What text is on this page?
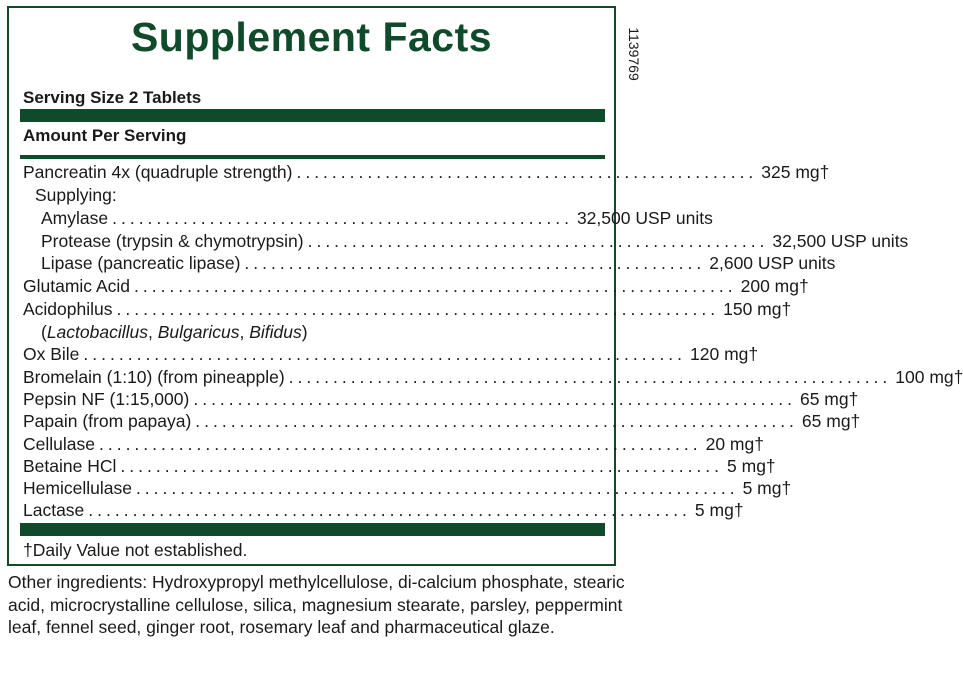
Supplement Facts
Serving Size 2 Tablets
Amount Per Serving
Pancreatin 4x (quadruple strength) .................................................... 325 mg†
Supplying:
Amylase .................................................... 32,500 USP units
Protease (trypsin & chymotrypsin) .................................................... 32,500 USP units
Lipase (pancreatic lipase) .................................................... 2,600 USP units
Glutamic Acid .................................................................... 200 mg†
Acidophilus .................................................................... 150 mg†
(Lactobacillus, Bulgaricus, Bifidus)
Ox Bile .................................................................... 120 mg†
Bromelain (1:10) (from pineapple) .................................................................... 100 mg†
Pepsin NF (1:15,000) .................................................................... 65 mg†
Papain (from papaya) .................................................................... 65 mg†
Cellulase .................................................................... 20 mg†
Betaine HCl .................................................................... 5 mg†
Hemicellulase .................................................................... 5 mg†
Lactase .................................................................... 5 mg†
†Daily Value not established.
1139769
Other ingredients: Hydroxypropyl methylcellulose, di-calcium phosphate, stearic acid, microcrystalline cellulose, silica, magnesium stearate, parsley, peppermint leaf, fennel seed, ginger root, rosemary leaf and pharmaceutical glaze.
